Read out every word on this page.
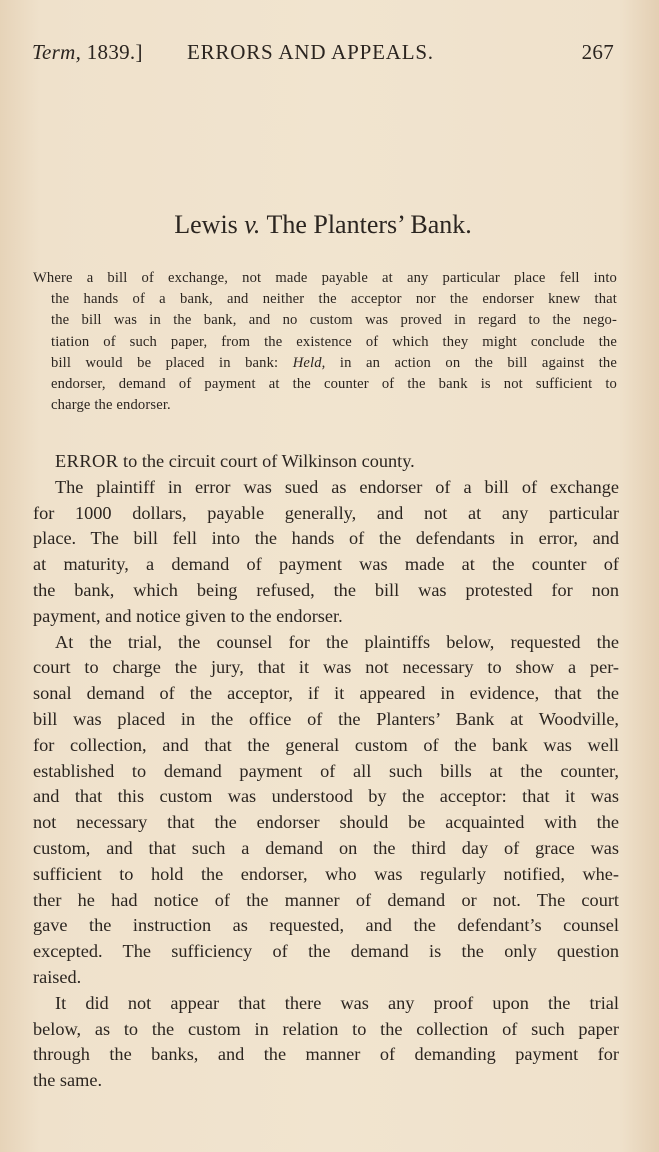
Term, 1839.] ERRORS AND APPEALS.	267
Lewis v. The Planters’ Bank.
Where a bill of exchange, not made payable at any particular place fell into
the hands of a bank, and neither the acceptor nor the endorser knew that
the bill was in the bank, and no custom was proved in regard to the nego-
tiation of such paper, from the existence of which they might conclude the
bill would be placed in bank: Held, in an action on the bill against the
endorser, demand of payment at the counter of the bank is not sufficient to
charge the endorser.
ERROR to the circuit court of Wilkinson county.
The plaintiff in error was sued as endorser of a bill of exchange
for 1000 dollars, payable generally, and not at any particular
place. The bill fell into the hands of the defendants in error, and
at maturity, a demand of payment was made at the counter of
the bank, which being refused, the bill was protested for non
payment, and notice given to the endorser.
At the trial, the counsel for the plaintiffs below, requested the
court to charge the jury, that it was not necessary to show a per-
sonal demand of the acceptor, if it appeared in evidence, that the
bill was placed in the office of the Planters’ Bank at Woodville,
for collection, and that the general custom of the bank was well
established to demand payment of all such bills at the counter,
and that this custom was understood by the acceptor: that it was
not necessary that the endorser should be acquainted with the
custom, and that such a demand on the third day of grace was
sufficient to hold the endorser, who was regularly notified, whe-
ther he had notice of the manner of demand or not. The court
gave the instruction as requested, and the defendant’s counsel
excepted. The sufficiency of the demand is the only question
raised.
It did not appear that there was any proof upon the trial
below, as to the custom in relation to the collection of such paper
through the banks, and the manner of demanding payment for
the same.
